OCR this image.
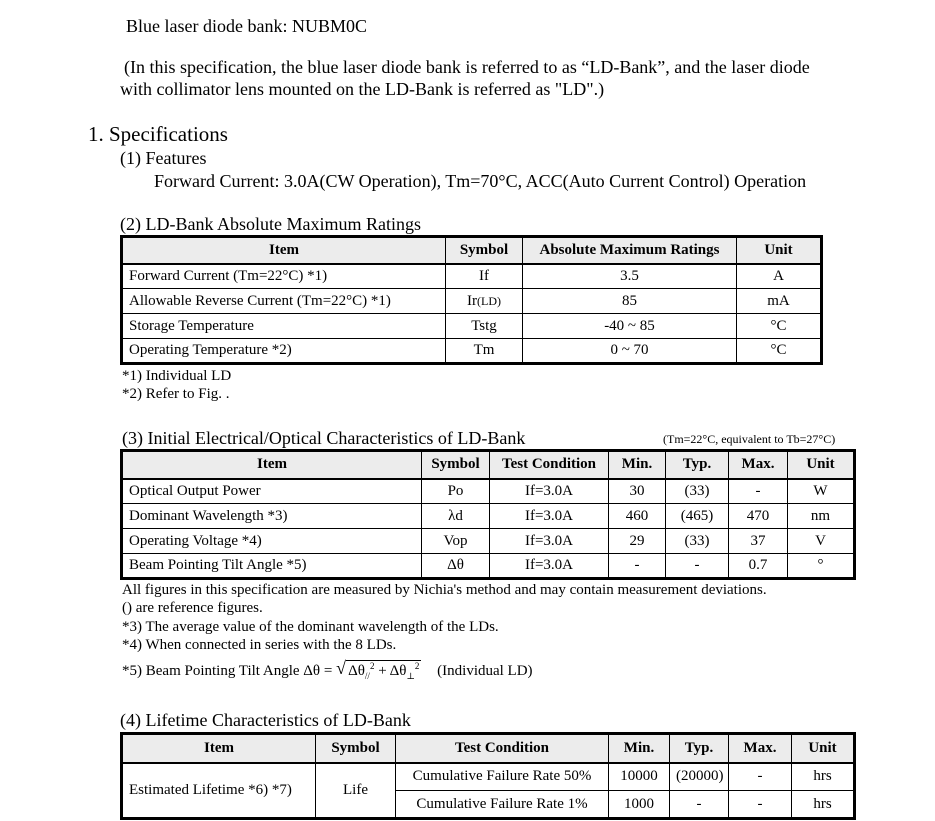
Blue laser diode bank: NUBM0C
(In this specification, the blue laser diode bank is referred to as “LD-Bank”, and the laser diode
with collimator lens mounted on the LD-Bank is referred as "LD".)
1. Specifications
(1) Features
Forward Current: 3.0A(CW Operation), Tm=70°C, ACC(Auto Current Control) Operation
(2) LD-Bank Absolute Maximum Ratings
Item	Symbol	Absolute Maximum Ratings	Unit
Forward Current (Tm=22°C) *1)	If	3.5	A
Allowable Reverse Current (Tm=22°C) *1)	Ir(LD)	85	mA
Storage Temperature	Tstg	-40 ~ 85	°C
Operating Temperature *2)	Tm	0 ~ 70	°C
*1) Individual LD
*2) Refer to Fig. .
(3) Initial Electrical/Optical Characteristics of LD-Bank	(Tm=22°C, equivalent to Tb=27°C)
Item	Symbol	Test Condition	Min.	Typ.	Max.	Unit
Optical Output Power	Po	If=3.0A	30	(33)	-	W
Dominant Wavelength *3)	λd	If=3.0A	460	(465)	470	nm
Operating Voltage *4)	Vop	If=3.0A	29	(33)	37	V
Beam Pointing Tilt Angle *5)	Δθ	If=3.0A	-	-	0.7	°
All figures in this specification are measured by Nichia's method and may contain measurement deviations.
() are reference figures.
*3) The average value of the dominant wavelength of the LDs.
*4) When connected in series with the 8 LDs.
*5) Beam Pointing Tilt Angle Δθ = √ $\Delta\theta_{//}^2 + \Delta\theta_\perp^2$ (Individual LD)
(4) Lifetime Characteristics of LD-Bank
Item	Symbol	Test Condition	Min.	Typ.	Max.	Unit
Estimated Lifetime *6) *7)	Life	Cumulative Failure Rate 50%	10000	(20000)	-	hrs
		Cumulative Failure Rate 1%	1000	-	-	hrs
